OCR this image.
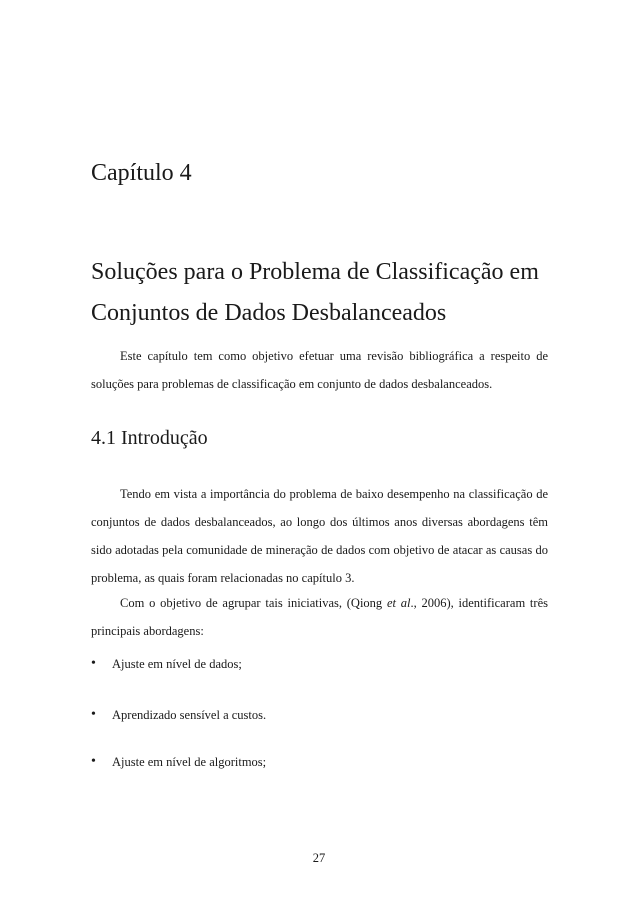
Capítulo 4
Soluções para o Problema de Classificação em Conjuntos de Dados Desbalanceados

Este capítulo tem como objetivo efetuar uma revisão bibliográfica a respeito de soluções para problemas de classificação em conjunto de dados desbalanceados.

4.1 Introdução

Tendo em vista a importância do problema de baixo desempenho na classificação de conjuntos de dados desbalanceados, ao longo dos últimos anos diversas abordagens têm sido adotadas pela comunidade de mineração de dados com objetivo de atacar as causas do problema, as quais foram relacionadas no capítulo 3.

Com o objetivo de agrupar tais iniciativas, (Qiong et al., 2006), identificaram três principais abordagens:

•	Ajuste em nível de dados;
•	Aprendizado sensível a custos.
•	Ajuste em nível de algoritmos;
27
